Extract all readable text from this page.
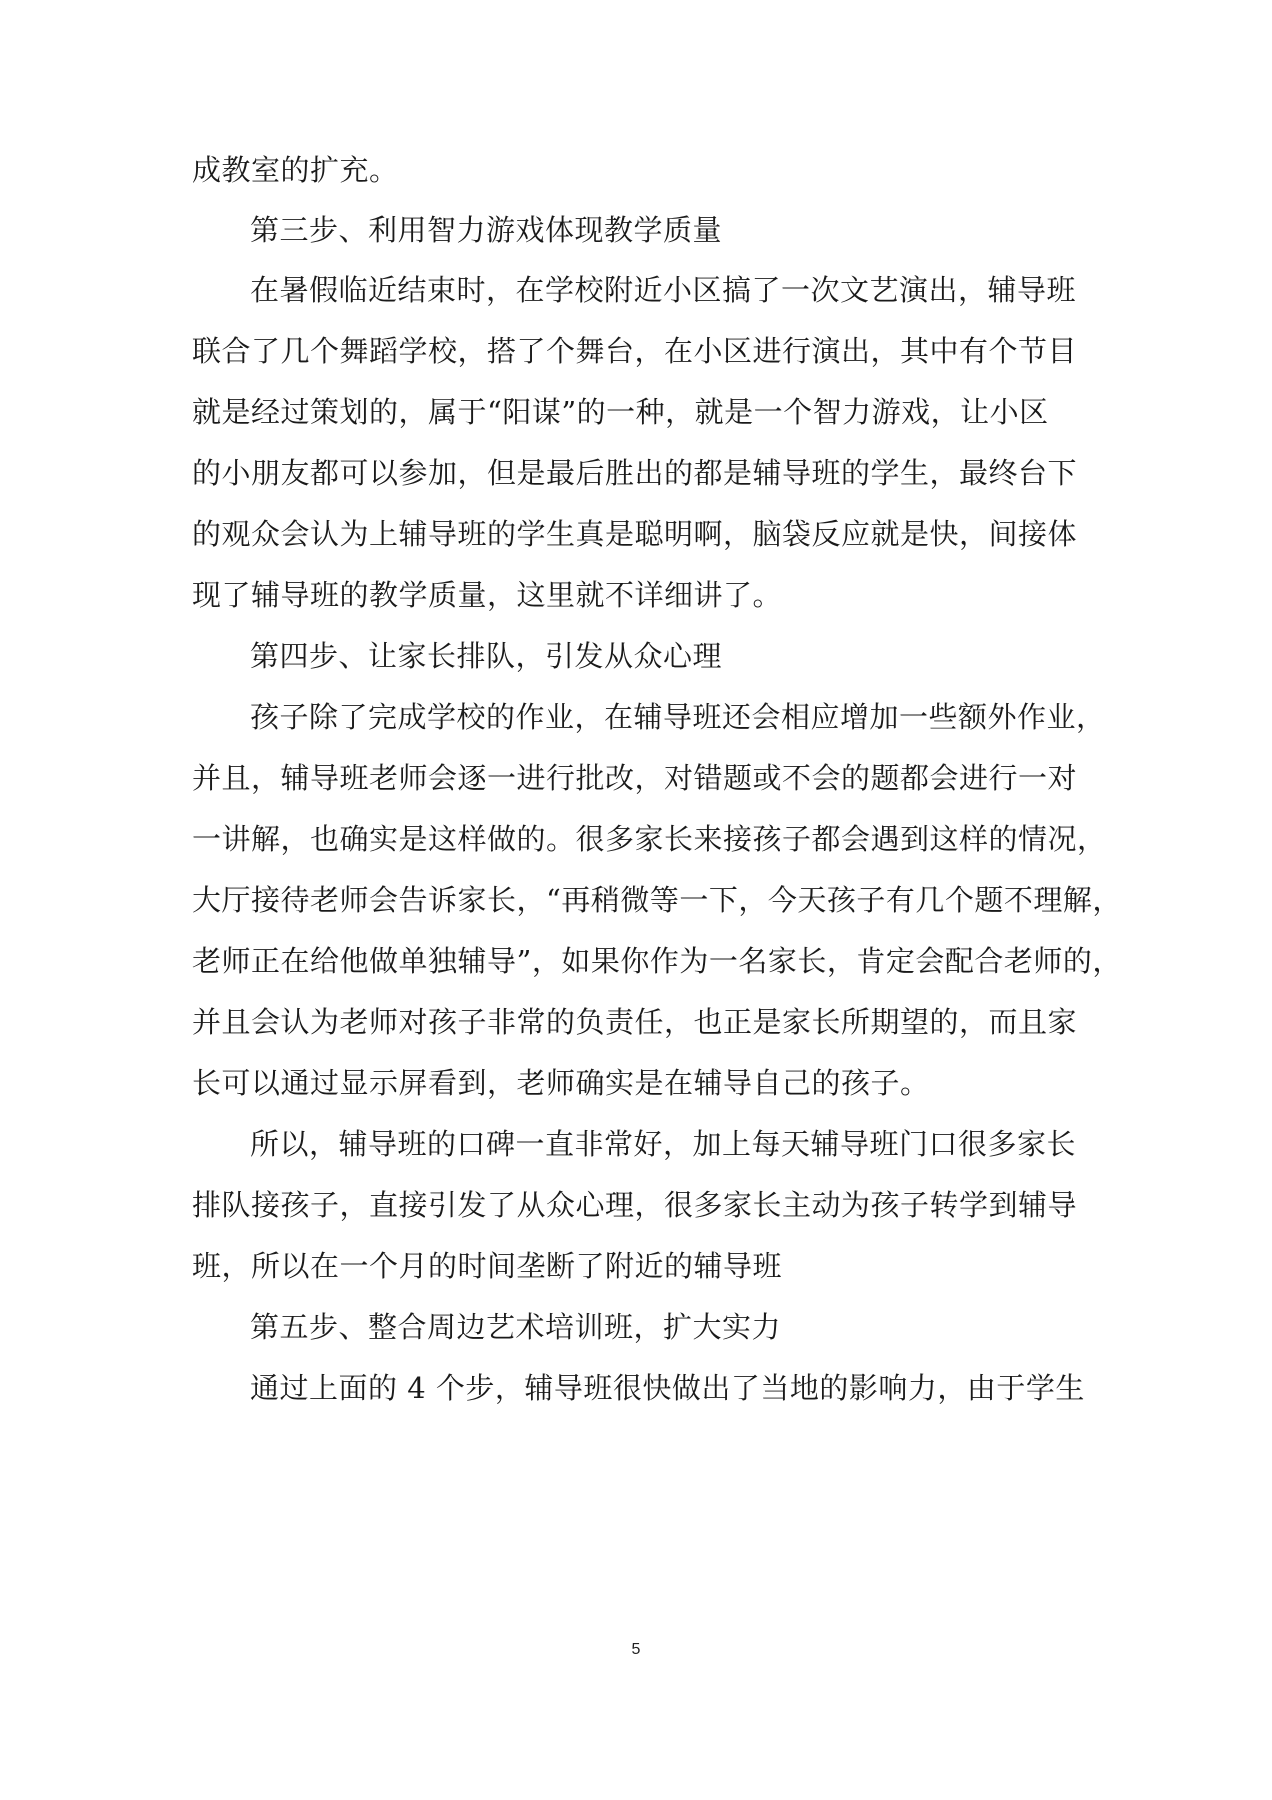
成教室的扩充。
第三步、利用智力游戏体现教学质量
在暑假临近结束时，在学校附近小区搞了一次文艺演出，辅导班
联合了几个舞蹈学校，搭了个舞台，在小区进行演出，其中有个节目
就是经过策划的，属于“阳谋”的一种，就是一个智力游戏，让小区
的小朋友都可以参加，但是最后胜出的都是辅导班的学生，最终台下
的观众会认为上辅导班的学生真是聪明啊，脑袋反应就是快，间接体
现了辅导班的教学质量，这里就不详细讲了。
第四步、让家长排队，引发从众心理
孩子除了完成学校的作业，在辅导班还会相应增加一些额外作业，
并且，辅导班老师会逐一进行批改，对错题或不会的题都会进行一对
一讲解，也确实是这样做的。很多家长来接孩子都会遇到这样的情况，
大厅接待老师会告诉家长，“再稍微等一下，今天孩子有几个题不理解，
老师正在给他做单独辅导”，如果你作为一名家长，肯定会配合老师的，
并且会认为老师对孩子非常的负责任，也正是家长所期望的，而且家
长可以通过显示屏看到，老师确实是在辅导自己的孩子。
所以，辅导班的口碑一直非常好，加上每天辅导班门口很多家长
排队接孩子，直接引发了从众心理，很多家长主动为孩子转学到辅导
班，所以在一个月的时间垄断了附近的辅导班
第五步、整合周边艺术培训班，扩大实力
通过上面的 4 个步，辅导班很快做出了当地的影响力，由于学生
5
